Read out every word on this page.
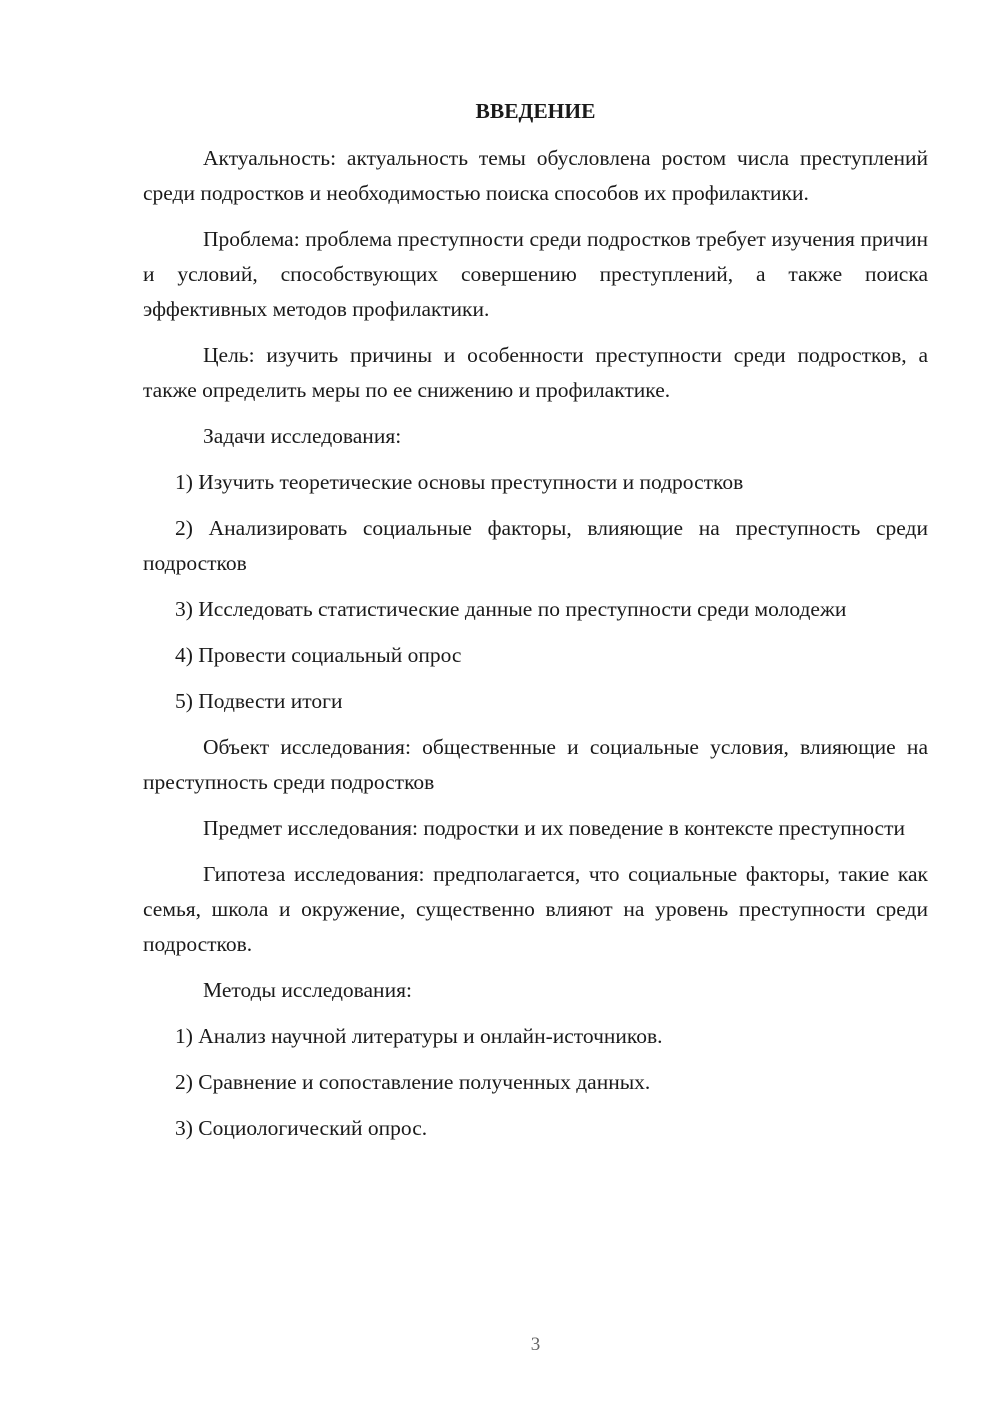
ВВЕДЕНИЕ

Актуальность: актуальность темы обусловлена ростом числа преступлений среди подростков и необходимостью поиска способов их профилактики.

Проблема: проблема преступности среди подростков требует изучения причин и условий, способствующих совершению преступлений, а также поиска эффективных методов профилактики.

Цель: изучить причины и особенности преступности среди подростков, а также определить меры по ее снижению и профилактике.

Задачи исследования:

1) Изучить теоретические основы преступности и подростков

2) Анализировать социальные факторы, влияющие на преступность среди подростков

3) Исследовать статистические данные по преступности среди молодежи

4) Провести социальный опрос

5) Подвести итоги

Объект исследования: общественные и социальные условия, влияющие на преступность среди подростков

Предмет исследования: подростки и их поведение в контексте преступности

Гипотеза исследования: предполагается, что социальные факторы, такие как семья, школа и окружение, существенно влияют на уровень преступности среди подростков.

Методы исследования:

1) Анализ научной литературы и онлайн-источников.

2) Сравнение и сопоставление полученных данных.

3) Социологический опрос.

3
